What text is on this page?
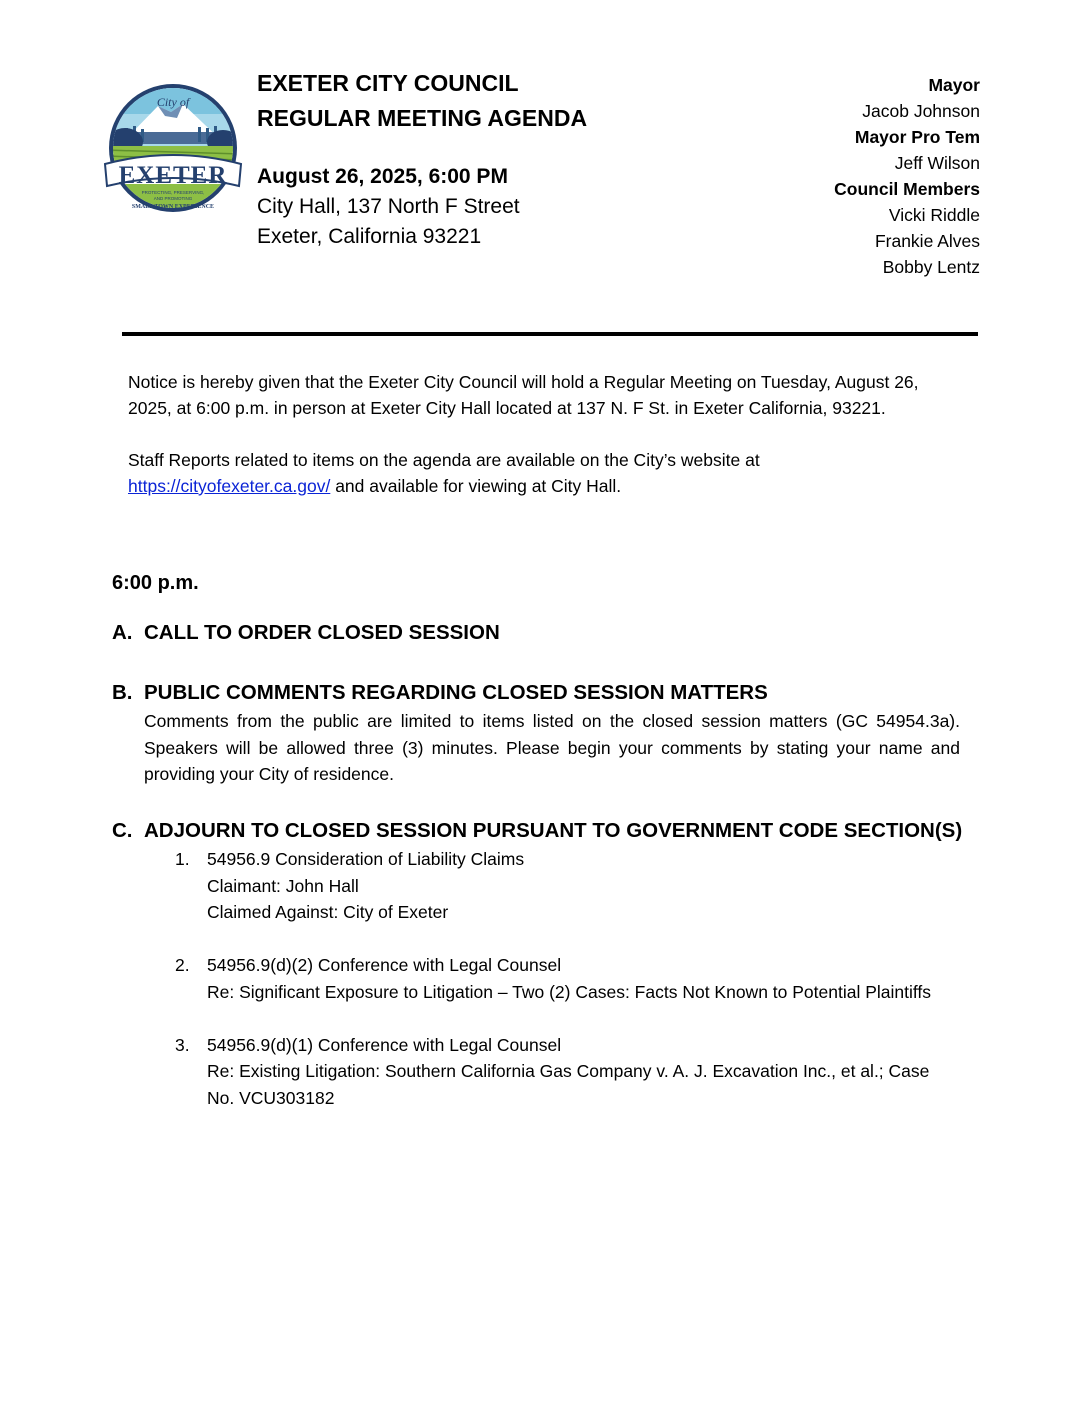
City of
EXETER
PROTECTING, PRESERVING,
AND PROMOTING
SMALL TOWN EXPERIENCE
EXETER CITY COUNCIL
REGULAR MEETING AGENDA
August 26, 2025, 6:00 PM
City Hall, 137 North F Street
Exeter, California 93221
Mayor
Jacob Johnson
Mayor Pro Tem
Jeff Wilson
Council Members
Vicki Riddle
Frankie Alves
Bobby Lentz

Notice is hereby given that the Exeter City Council will hold a Regular Meeting on Tuesday, August 26, 2025, at 6:00 p.m. in person at Exeter City Hall located at 137 N. F St. in Exeter California, 93221.

Staff Reports related to items on the agenda are available on the City’s website at
https://cityofexeter.ca.gov/ and available for viewing at City Hall.

6:00 p.m.
A. CALL TO ORDER CLOSED SESSION
B. PUBLIC COMMENTS REGARDING CLOSED SESSION MATTERS
Comments from the public are limited to items listed on the closed session matters (GC 54954.3a). Speakers will be allowed three (3) minutes. Please begin your comments by stating your name and providing your City of residence.
C. ADJOURN TO CLOSED SESSION PURSUANT TO GOVERNMENT CODE SECTION(S)
1. 54956.9 Consideration of Liability Claims
Claimant: John Hall
Claimed Against: City of Exeter
2. 54956.9(d)(2) Conference with Legal Counsel
Re: Significant Exposure to Litigation – Two (2) Cases: Facts Not Known to Potential Plaintiffs
3. 54956.9(d)(1) Conference with Legal Counsel
Re: Existing Litigation: Southern California Gas Company v. A. J. Excavation Inc., et al.; Case No. VCU303182
